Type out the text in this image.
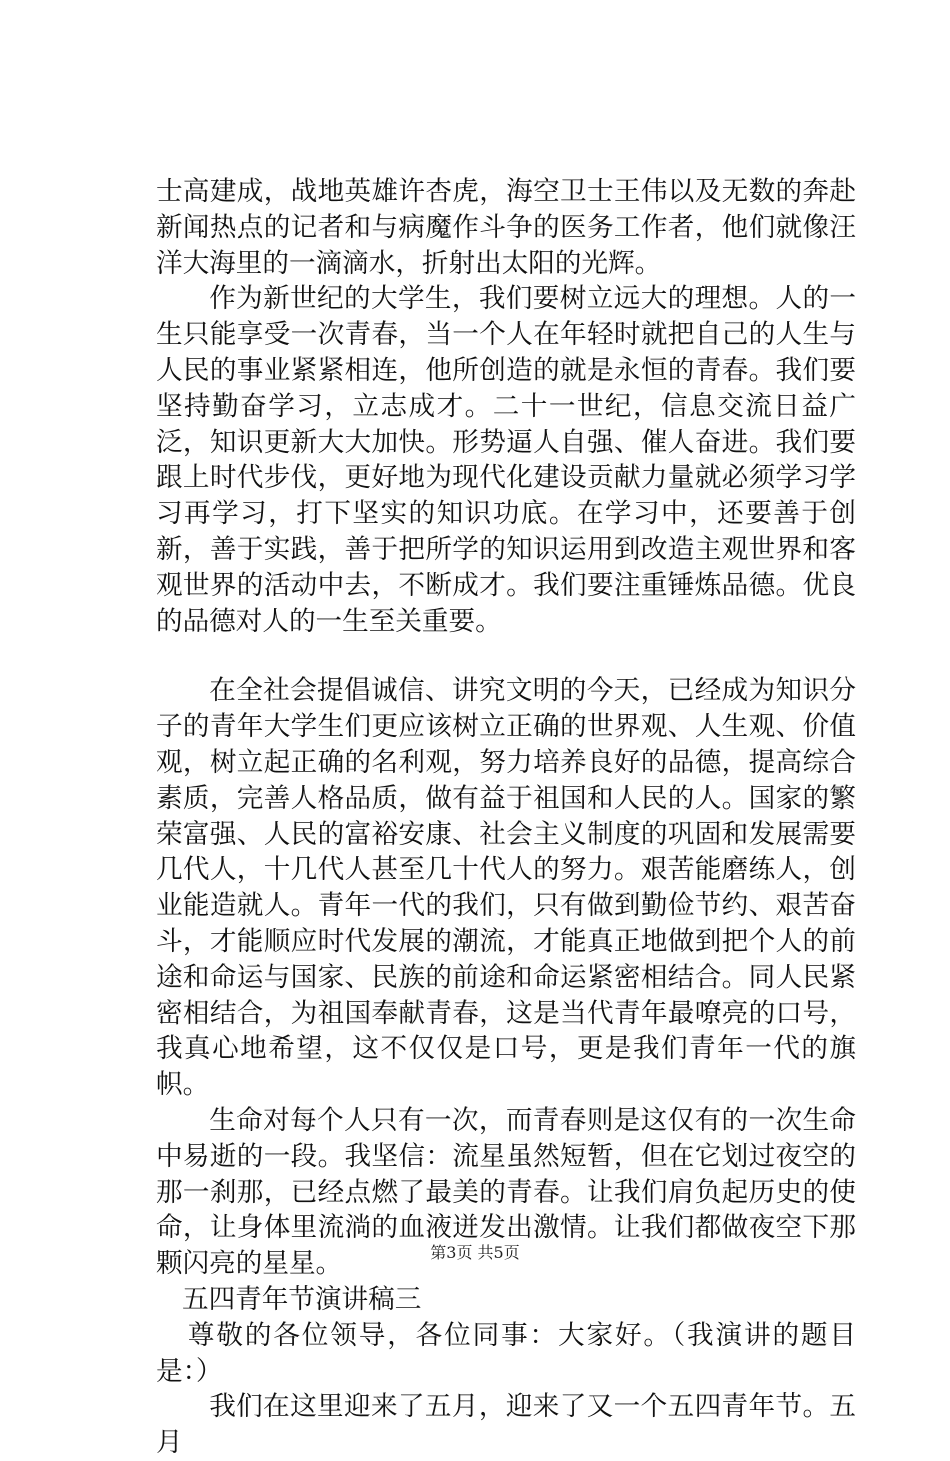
士高建成，战地英雄许杏虎，海空卫士王伟以及无数的奔赴新闻热点的记者和与病魔作斗争的医务工作者，他们就像汪洋大海里的一滴滴水，折射出太阳的光辉。

作为新世纪的大学生，我们要树立远大的理想。人的一生只能享受一次青春，当一个人在年轻时就把自己的人生与人民的事业紧紧相连，他所创造的就是永恒的青春。我们要坚持勤奋学习，立志成才。二十一世纪，信息交流日益广泛，知识更新大大加快。形势逼人自强、催人奋进。我们要跟上时代步伐，更好地为现代化建设贡献力量就必须学习学习再学习，打下坚实的知识功底。在学习中，还要善于创新，善于实践，善于把所学的知识运用到改造主观世界和客观世界的活动中去，不断成才。我们要注重锤炼品德。优良的品德对人的一生至关重要。

在全社会提倡诚信、讲究文明的今天，已经成为知识分子的青年大学生们更应该树立正确的世界观、人生观、价值观，树立起正确的名利观，努力培养良好的品德，提高综合素质，完善人格品质，做有益于祖国和人民的人。国家的繁荣富强、人民的富裕安康、社会主义制度的巩固和发展需要几代人，十几代人甚至几十代人的努力。艰苦能磨练人，创业能造就人。青年一代的我们，只有做到勤俭节约、艰苦奋斗，才能顺应时代发展的潮流，才能真正地做到把个人的前途和命运与国家、民族的前途和命运紧密相结合。同人民紧密相结合，为祖国奉献青春，这是当代青年最嘹亮的口号，我真心地希望，这不仅仅是口号，更是我们青年一代的旗帜。

生命对每个人只有一次，而青春则是这仅有的一次生命中易逝的一段。我坚信：流星虽然短暂，但在它划过夜空的那一刹那，已经点燃了最美的青春。让我们肩负起历史的使命，让身体里流淌的血液迸发出激情。让我们都做夜空下那颗闪亮的星星。

五四青年节演讲稿三

尊敬的各位领导，各位同事：大家好。（我演讲的题目是：）

我们在这里迎来了五月，迎来了又一个五四青年节。五月

第3页 共5页
